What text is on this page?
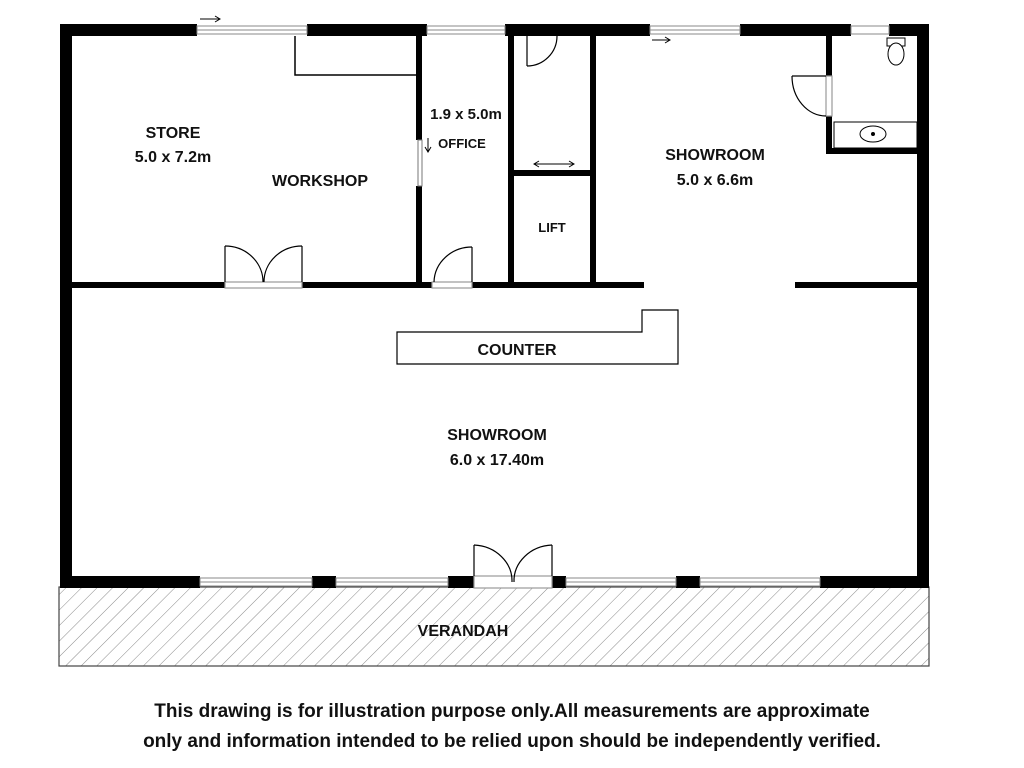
STORE
5.0 x 7.2m
WORKSHOP
1.9 x 5.0m
OFFICE
LIFT
SHOWROOM
5.0 x 6.6m
COUNTER
SHOWROOM
6.0 x 17.40m
VERANDAH
This drawing is for illustration purpose only.All measurements are approximate
only and information intended to be relied upon should be independently verified.
